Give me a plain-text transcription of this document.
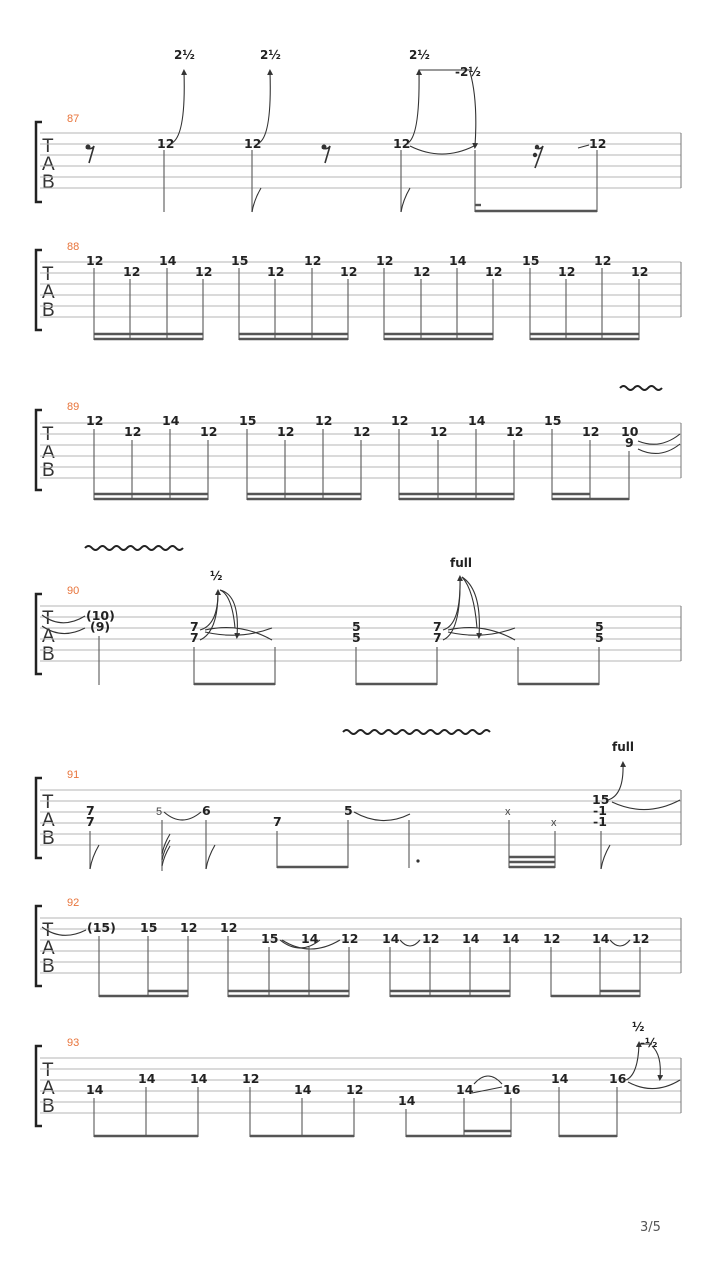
87
T
A
B
12	12	12	12
2½	2½	2½
-2½
88
T
A
B
12
12
14
12
15
12
12
12
12
12
14
12
15
12
12
12
89
T
A
B
12
12
14
12
15
12
12
12
12
12
14
12
15
12 10
9
90
T
A
B
(10)
(9)	7
7
5
5
7
7
5
5
½
full
91
T
A
B
7
7
5	6
7
5	x
x
15
-1
-1
full
92
T
A
B
(15) 15 12 12
15 14 12 14 12 14 14 12	14 12
93
T
A
B
14
14	14	12
14	12
14
14 16
14	16
½
-½
3/5
